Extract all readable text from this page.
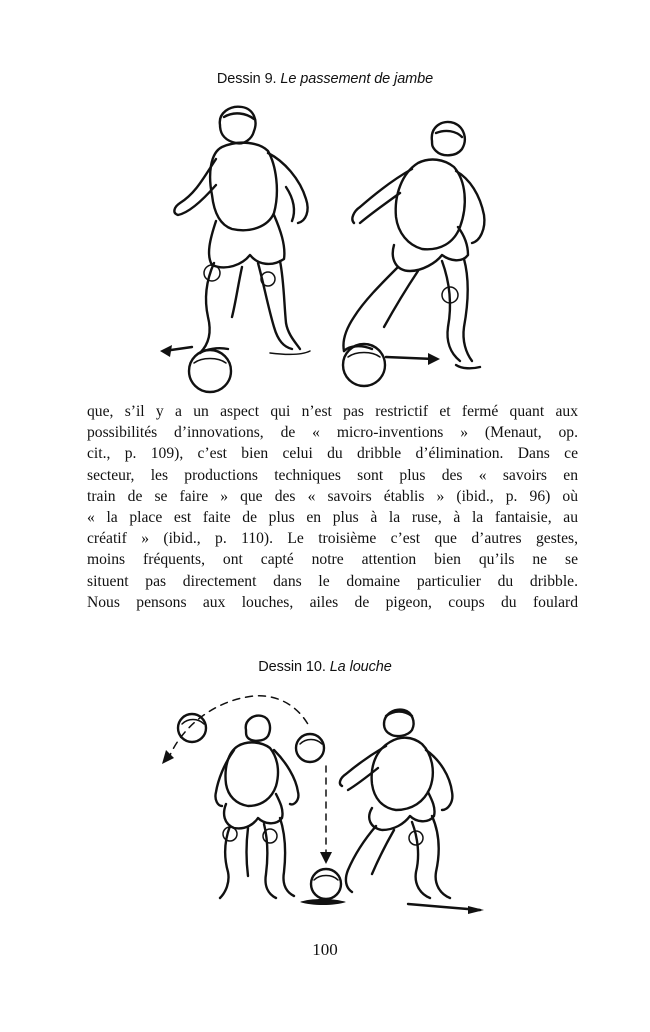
Dessin 9. Le passement de jambe
que, s’il y a un aspect qui n’est pas restrictif et fermé quant aux
possibilités d’innovations, de « micro-inventions » (Menaut, op.
cit., p. 109), c’est bien celui du dribble d’élimination. Dans ce
secteur, les productions techniques sont plus des « savoirs en
train de se faire » que des « savoirs établis » (ibid., p. 96) où
« la place est faite de plus en plus à la ruse, à la fantaisie, au
créatif » (ibid., p. 110). Le troisième c’est que d’autres gestes,
moins fréquents, ont capté notre attention bien qu’ils ne se
situent pas directement dans le domaine particulier du dribble.
Nous pensons aux louches, ailes de pigeon, coups du foulard
Dessin 10. La louche
100
